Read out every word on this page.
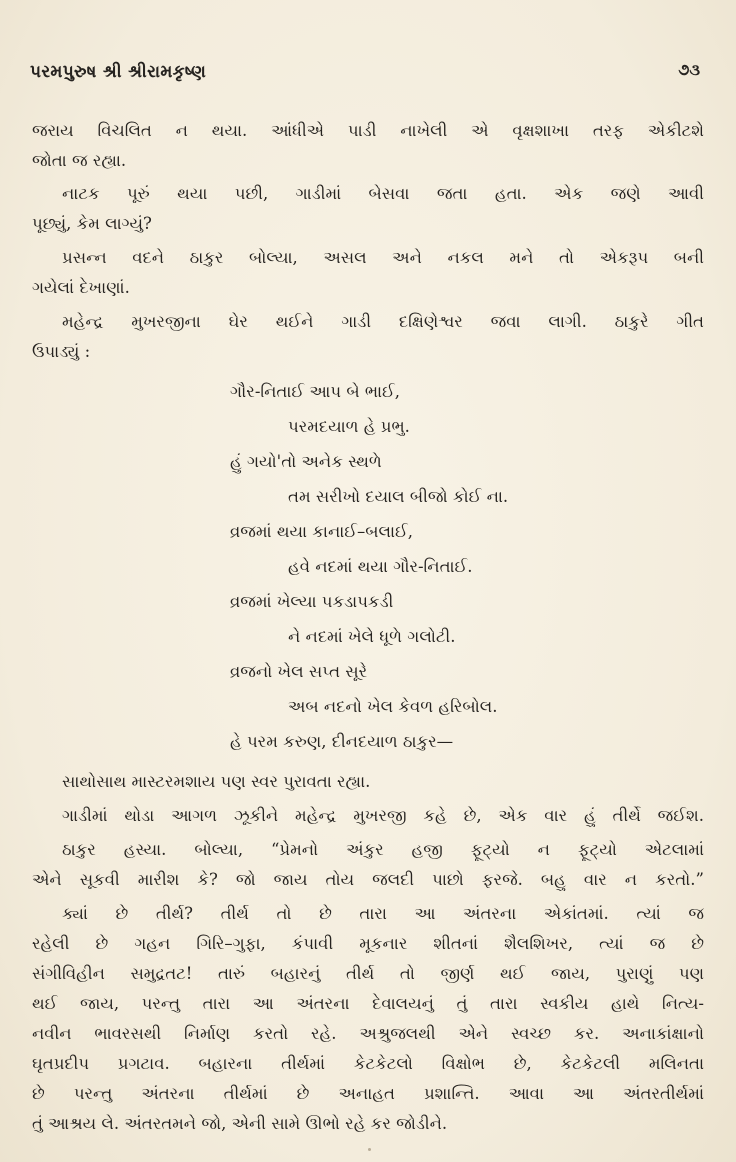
પરમપુરુષ શ્રી શ્રીરામકૃષ્ણ	૭૩
જરાય વિચલિત ન થયા. આંધીએ પાડી નાખેલી એ વૃક્ષશાખા તરફ એકીટશે
જોતા જ રહ્યા.
નાટક પૂરું થયા પછી, ગાડીમાં બેસવા જતા હતા. એક જણે આવી
પૂછ્યું, કેમ લાગ્યું?
પ્રસન્ન વદને ઠાકુર બોલ્યા, અસલ અને નકલ મને તો એકરૂપ બની
ગયેલાં દેખાણાં.
મહેન્દ્ર મુખરજીના ઘેર થઈને ગાડી દક્ષિણેશ્વર જવા લાગી. ઠાકુરે ગીત
ઉપાડ્યું :
ગૌર-નિતાઈ આપ બે ભાઈ,
પરમદયાળ હે પ્રભુ.
હું ગયો'તો અનેક સ્થળે
તમ સરીખો દયાલ બીજો કોઈ ના.
વ્રજમાં થયા કાનાઈ–બલાઈ,
હવે નદમાં થયા ગૌર-નિતાઈ.
વ્રજમાં ખેલ્યા પકડાપકડી
ને નદમાં ખેલે ધૂળે ગલોટી.
વ્રજનો ખેલ સપ્ત સૂરે
અબ નદનો ખેલ કેવળ હરિબોલ.
હે પરમ કરુણ, દીનદયાળ ઠાકુર—
સાથોસાથ માસ્ટરમશાય પણ સ્વર પુરાવતા રહ્યા.
ગાડીમાં થોડા આગળ ઝૂકીને મહેન્દ્ર મુખરજી કહે છે, એક વાર હું તીર્થે જઈશ.
ઠાકુર હસ્યા. બોલ્યા, “પ્રેમનો અંકુર હજી ફૂટ્યો ન ફૂટ્યો એટલામાં
એને સૂકવી મારીશ કે? જો જાય તોય જલદી પાછો ફરજે. બહુ વાર ન કરતો.”
ક્યાં છે તીર્થ? તીર્થ તો છે તારા આ અંતરના એકાંતમાં. ત્યાં જ
રહેલી છે ગહન ગિરિ–ગુફા, કંપાવી મૂકનાર શીતનાં શૈલશિખર, ત્યાં જ છે
સંગીવિહીન સમુદ્રતટ! તારું બહારનું તીર્થ તો જીર્ણ થઈ જાય, પુરાણું પણ
થઈ જાય, પરન્તુ તારા આ અંતરના દેવાલયનું તું તારા સ્વકીય હાથે નિત્ય-
નવીન ભાવરસથી નિર્માણ કરતો રહે. અશ્રુજલથી એને સ્વચ્છ કર. અનાકાંક્ષાનો
ઘૃતપ્રદીપ પ્રગટાવ. બહારના તીર્થમાં કેટકેટલો વિક્ષોભ છે, કેટકેટલી મલિનતા
છે પરન્તુ અંતરના તીર્થમાં છે અનાહત પ્રશાન્તિ. આવા આ અંતરતીર્થમાં
તું આશ્રય લે. અંતરતમને જો, એની સામે ઊભો રહે કર જોડીને.
